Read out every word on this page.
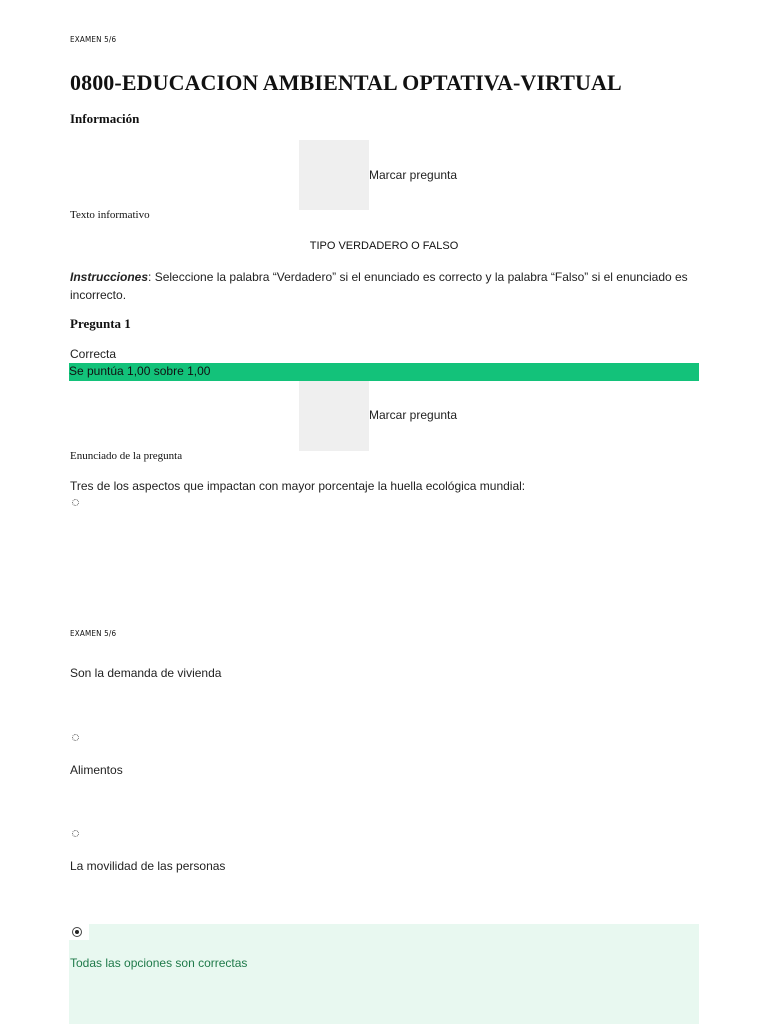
EXAMEN 5/6
0800-EDUCACION AMBIENTAL OPTATIVA-VIRTUAL
Información
Marcar pregunta
Texto informativo
TIPO VERDADERO O FALSO
Instrucciones: Seleccione la palabra “Verdadero” si el enunciado es correcto y la palabra “Falso” si el enunciado es incorrecto.
Pregunta 1
Correcta
Se puntúa 1,00 sobre 1,00
Marcar pregunta
Enunciado de la pregunta
Tres de los aspectos que impactan con mayor porcentaje la huella ecológica mundial:
EXAMEN 5/6
Son la demanda de vivienda
Alimentos
La movilidad de las personas
Todas las opciones son correctas
